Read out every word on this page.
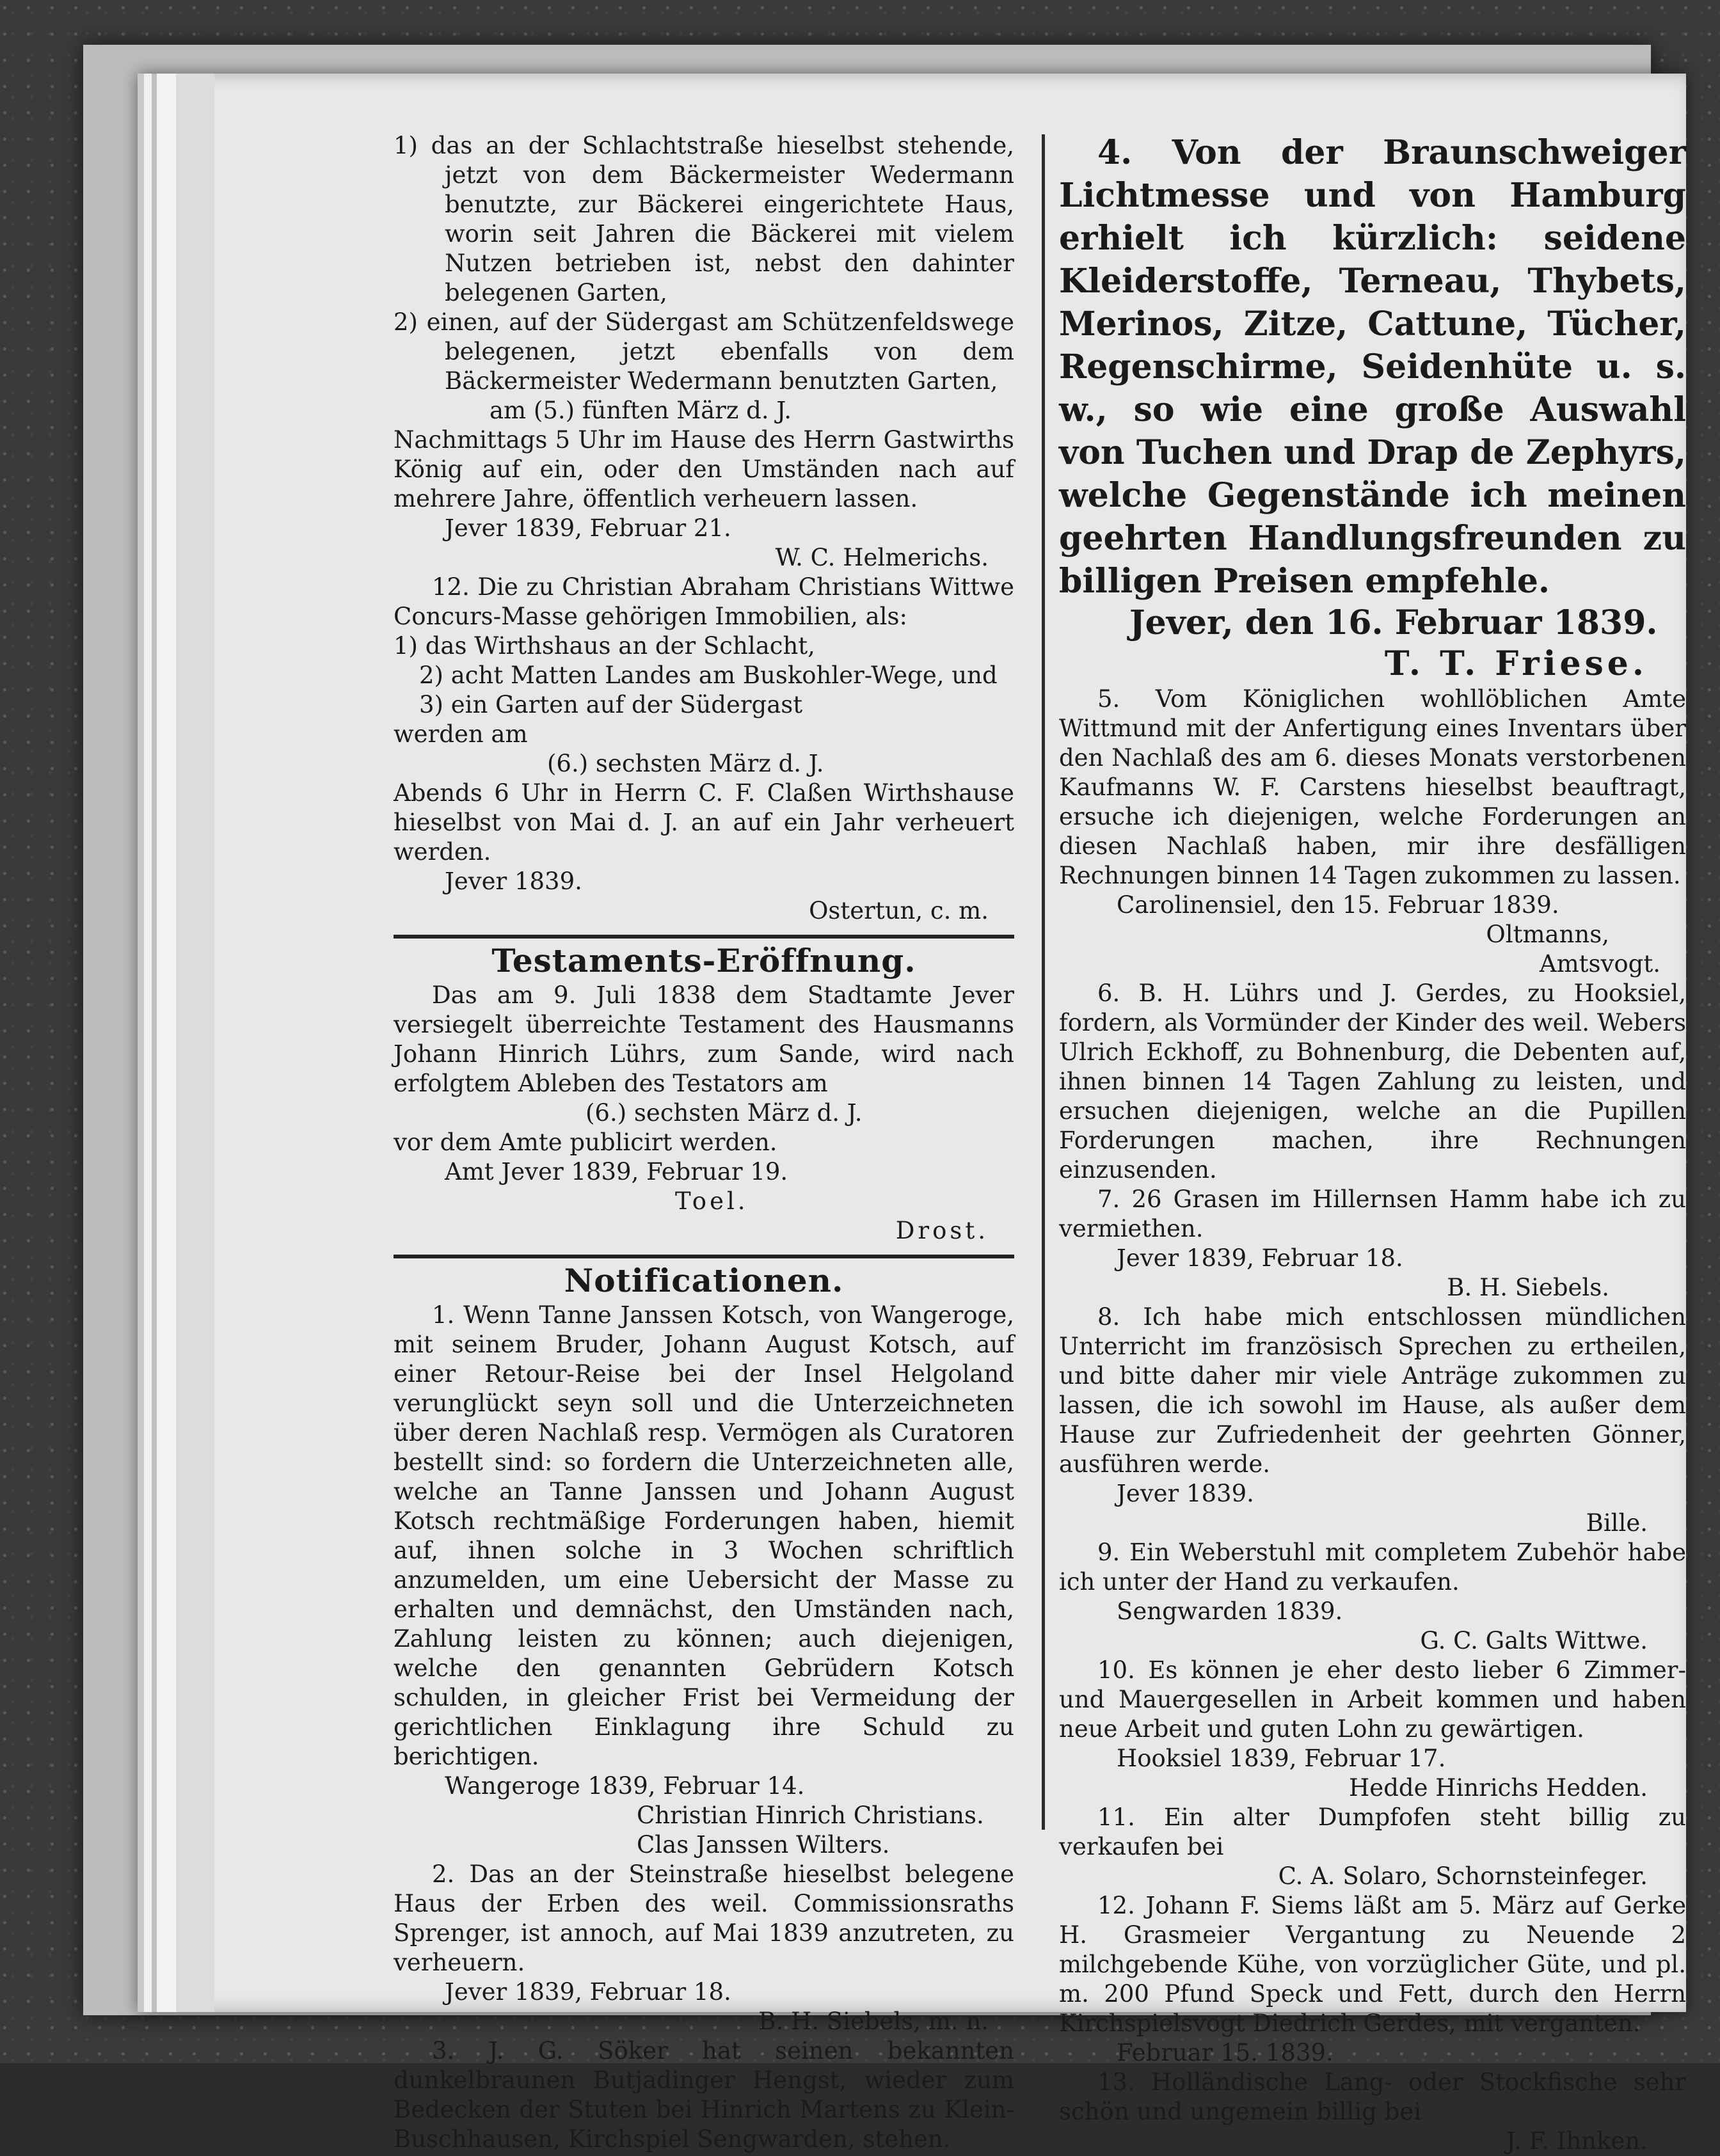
1) das an der Schlachtstraße hieselbst stehende, jetzt von dem Bäckermeister Wedermann benutzte, zur Bäckerei eingerichtete Haus, worin seit Jahren die Bäckerei mit vielem Nutzen betrieben ist, nebst den dahinter belegenen Garten,

2) einen, auf der Südergast am Schützenfeldswege belegenen, jetzt ebenfalls von dem Bäckermeister Wedermann benutzten Garten,

am (5.) fünften März d. J.

Nachmittags 5 Uhr im Hause des Herrn Gastwirths König auf ein, oder den Umständen nach auf mehrere Jahre, öffentlich verheuern lassen.

Jever 1839, Februar 21.

W. C. Helmerichs.

12. Die zu Christian Abraham Christians Wittwe Concurs-Masse gehörigen Immobilien, als:

1) das Wirthshaus an der Schlacht,

2) acht Matten Landes am Buskohler-Wege, und

3) ein Garten auf der Südergast

werden am

(6.) sechsten März d. J.

Abends 6 Uhr in Herrn C. F. Claßen Wirthshause hieselbst von Mai d. J. an auf ein Jahr verheuert werden.

Jever 1839.

Ostertun, c. m.

Testaments-Eröffnung.

Das am 9. Juli 1838 dem Stadtamte Jever versiegelt überreichte Testament des Hausmanns Johann Hinrich Lührs, zum Sande, wird nach erfolgtem Ableben des Testators am

(6.) sechsten März d. J.

vor dem Amte publicirt werden.

Amt Jever 1839, Februar 19.

Toel.

Drost.

Notificationen.

1. Wenn Tanne Janssen Kotsch, von Wangeroge, mit seinem Bruder, Johann August Kotsch, auf einer Retour-Reise bei der Insel Helgoland verunglückt seyn soll und die Unterzeichneten über deren Nachlaß resp. Vermögen als Curatoren bestellt sind: so fordern die Unterzeichneten alle, welche an Tanne Janssen und Johann August Kotsch rechtmäßige Forderungen haben, hiemit auf, ihnen solche in 3 Wochen schriftlich anzumelden, um eine Uebersicht der Masse zu erhalten und demnächst, den Umständen nach, Zahlung leisten zu können; auch diejenigen, welche den genannten Gebrüdern Kotsch schulden, in gleicher Frist bei Vermeidung der gerichtlichen Einklagung ihre Schuld zu berichtigen.

Wangeroge 1839, Februar 14.

Christian Hinrich Christians.

Clas Janssen Wilters.

2. Das an der Steinstraße hieselbst belegene Haus der Erben des weil. Commissionsraths Sprenger, ist annoch, auf Mai 1839 anzutreten, zu verheuern.

Jever 1839, Februar 18.

B. H. Siebels, m. n.

3. J. G. Söker hat seinen bekannten dunkelbraunen Butjadinger Hengst, wieder zum Bedecken der Stuten bei Hinrich Martens zu Klein-Buschhausen, Kirchspiel Sengwarden, stehen.

4. Von der Braunschweiger Lichtmesse und von Hamburg erhielt ich kürzlich: seidene Kleiderstoffe, Terneau, Thybets, Merinos, Zitze, Cattune, Tücher, Regenschirme, Seidenhüte u. s. w., so wie eine große Auswahl von Tuchen und Drap de Zephyrs, welche Gegenstände ich meinen geehrten Handlungsfreunden zu billigen Preisen empfehle.

Jever, den 16. Februar 1839.

T. T. Friese.

5. Vom Königlichen wohllöblichen Amte Wittmund mit der Anfertigung eines Inventars über den Nachlaß des am 6. dieses Monats verstorbenen Kaufmanns W. F. Carstens hieselbst beauftragt, ersuche ich diejenigen, welche Forderungen an diesen Nachlaß haben, mir ihre desfälligen Rechnungen binnen 14 Tagen zukommen zu lassen.

Carolinensiel, den 15. Februar 1839.

Oltmanns,

Amtsvogt.

6. B. H. Lührs und J. Gerdes, zu Hooksiel, fordern, als Vormünder der Kinder des weil. Webers Ulrich Eckhoff, zu Bohnenburg, die Debenten auf, ihnen binnen 14 Tagen Zahlung zu leisten, und ersuchen diejenigen, welche an die Pupillen Forderungen machen, ihre Rechnungen einzusenden.

7. 26 Grasen im Hillernsen Hamm habe ich zu vermiethen.

Jever 1839, Februar 18.

B. H. Siebels.

8. Ich habe mich entschlossen mündlichen Unterricht im französisch Sprechen zu ertheilen, und bitte daher mir viele Anträge zukommen zu lassen, die ich sowohl im Hause, als außer dem Hause zur Zufriedenheit der geehrten Gönner, ausführen werde.

Jever 1839.

Bille.

9. Ein Weberstuhl mit completem Zubehör habe ich unter der Hand zu verkaufen.

Sengwarden 1839.

G. C. Galts Wittwe.

10. Es können je eher desto lieber 6 Zimmer- und Mauergesellen in Arbeit kommen und haben neue Arbeit und guten Lohn zu gewärtigen.

Hooksiel 1839, Februar 17.

Hedde Hinrichs Hedden.

11. Ein alter Dumpfofen steht billig zu verkaufen bei

C. A. Solaro, Schornsteinfeger.

12. Johann F. Siems läßt am 5. März auf Gerke H. Grasmeier Vergantung zu Neuende 2 milchgebende Kühe, von vorzüglicher Güte, und pl. m. 200 Pfund Speck und Fett, durch den Herrn Kirchspielsvogt Diedrich Gerdes, mit verganten.

Februar 15. 1839.

13. Holländische Lang- oder Stockfische sehr schön und ungemein billig bei

J. F. Ihnken.
